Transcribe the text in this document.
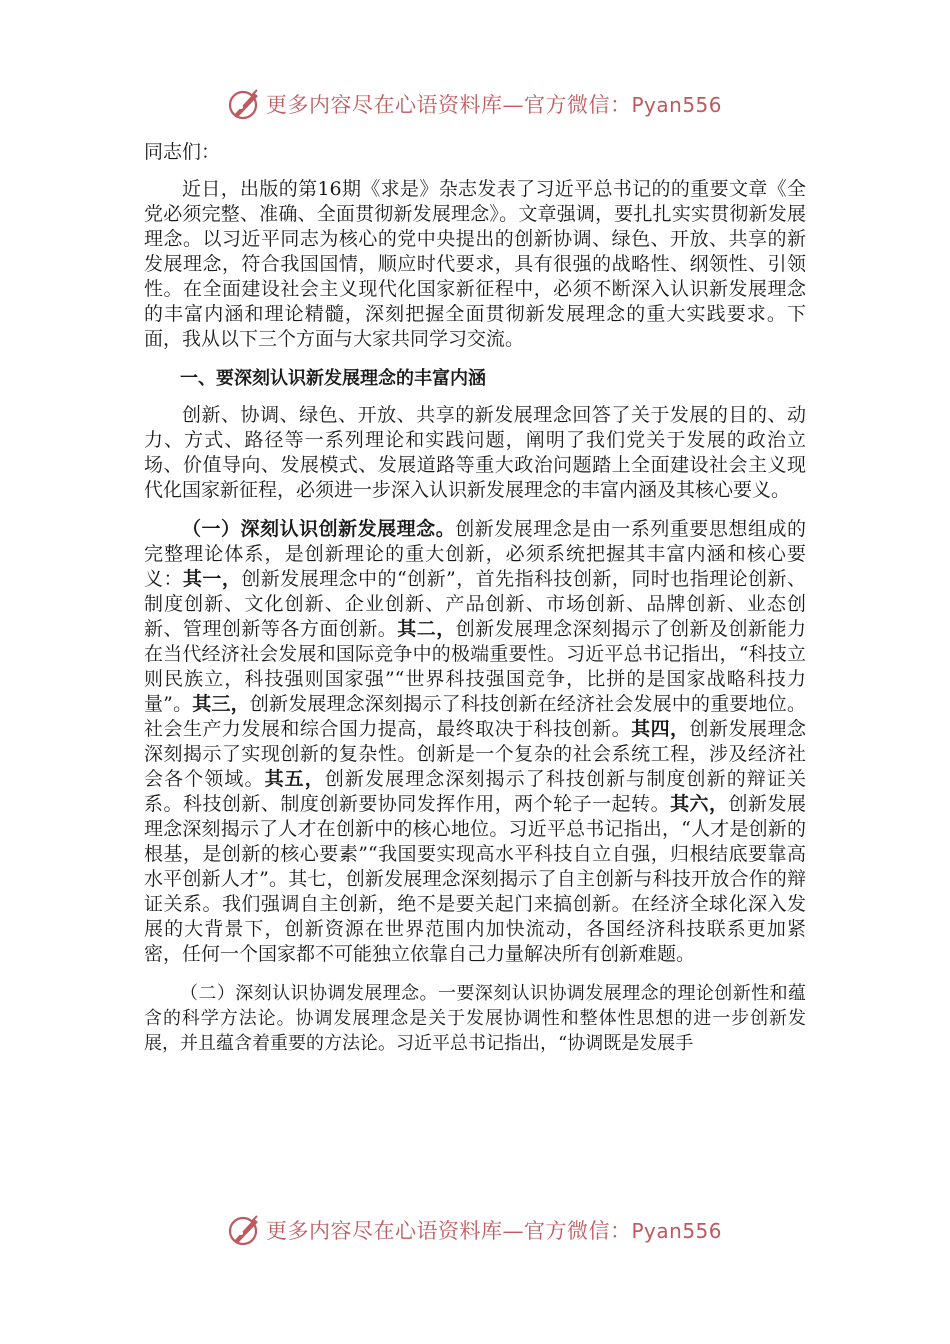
更多内容尽在心语资料库—官方微信：Pyan556

同志们：

近日，出版的第16期《求是》杂志发表了习近平总书记的的重要文章《全党必须完整、准确、全面贯彻新发展理念》。文章强调，要扎扎实实贯彻新发展理念。以习近平同志为核心的党中央提出的创新协调、绿色、开放、共享的新发展理念，符合我国国情，顺应时代要求，具有很强的战略性、纲领性、引领性。在全面建设社会主义现代化国家新征程中，必须不断深入认识新发展理念的丰富内涵和理论精髓，深刻把握全面贯彻新发展理念的重大实践要求。下面，我从以下三个方面与大家共同学习交流。

一、要深刻认识新发展理念的丰富内涵

创新、协调、绿色、开放、共享的新发展理念回答了关于发展的目的、动力、方式、路径等一系列理论和实践问题，阐明了我们党关于发展的政治立场、价值导向、发展模式、发展道路等重大政治问题踏上全面建设社会主义现代化国家新征程，必须进一步深入认识新发展理念的丰富内涵及其核心要义。

（一）深刻认识创新发展理念。创新发展理念是由一系列重要思想组成的完整理论体系，是创新理论的重大创新，必须系统把握其丰富内涵和核心要义：其一，创新发展理念中的“创新”，首先指科技创新，同时也指理论创新、制度创新、文化创新、企业创新、产品创新、市场创新、品牌创新、业态创新、管理创新等各方面创新。其二，创新发展理念深刻揭示了创新及创新能力在当代经济社会发展和国际竞争中的极端重要性。习近平总书记指出，“科技立则民族立，科技强则国家强”“世界科技强国竞争，比拼的是国家战略科技力量”。其三，创新发展理念深刻揭示了科技创新在经济社会发展中的重要地位。社会生产力发展和综合国力提高，最终取决于科技创新。其四，创新发展理念深刻揭示了实现创新的复杂性。创新是一个复杂的社会系统工程，涉及经济社会各个领域。其五，创新发展理念深刻揭示了科技创新与制度创新的辩证关系。科技创新、制度创新要协同发挥作用，两个轮子一起转。其六，创新发展理念深刻揭示了人才在创新中的核心地位。习近平总书记指出，“人才是创新的根基，是创新的核心要素”“我国要实现高水平科技自立自强，归根结底要靠高水平创新人才”。其七，创新发展理念深刻揭示了自主创新与科技开放合作的辩证关系。我们强调自主创新，绝不是要关起门来搞创新。在经济全球化深入发展的大背景下，创新资源在世界范围内加快流动，各国经济科技联系更加紧密，任何一个国家都不可能独立依靠自己力量解决所有创新难题。

（二）深刻认识协调发展理念。一要深刻认识协调发展理念的理论创新性和蕴含的科学方法论。协调发展理念是关于发展协调性和整体性思想的进一步创新发展，并且蕴含着重要的方法论。习近平总书记指出，“协调既是发展手

更多内容尽在心语资料库—官方微信：Pyan556
